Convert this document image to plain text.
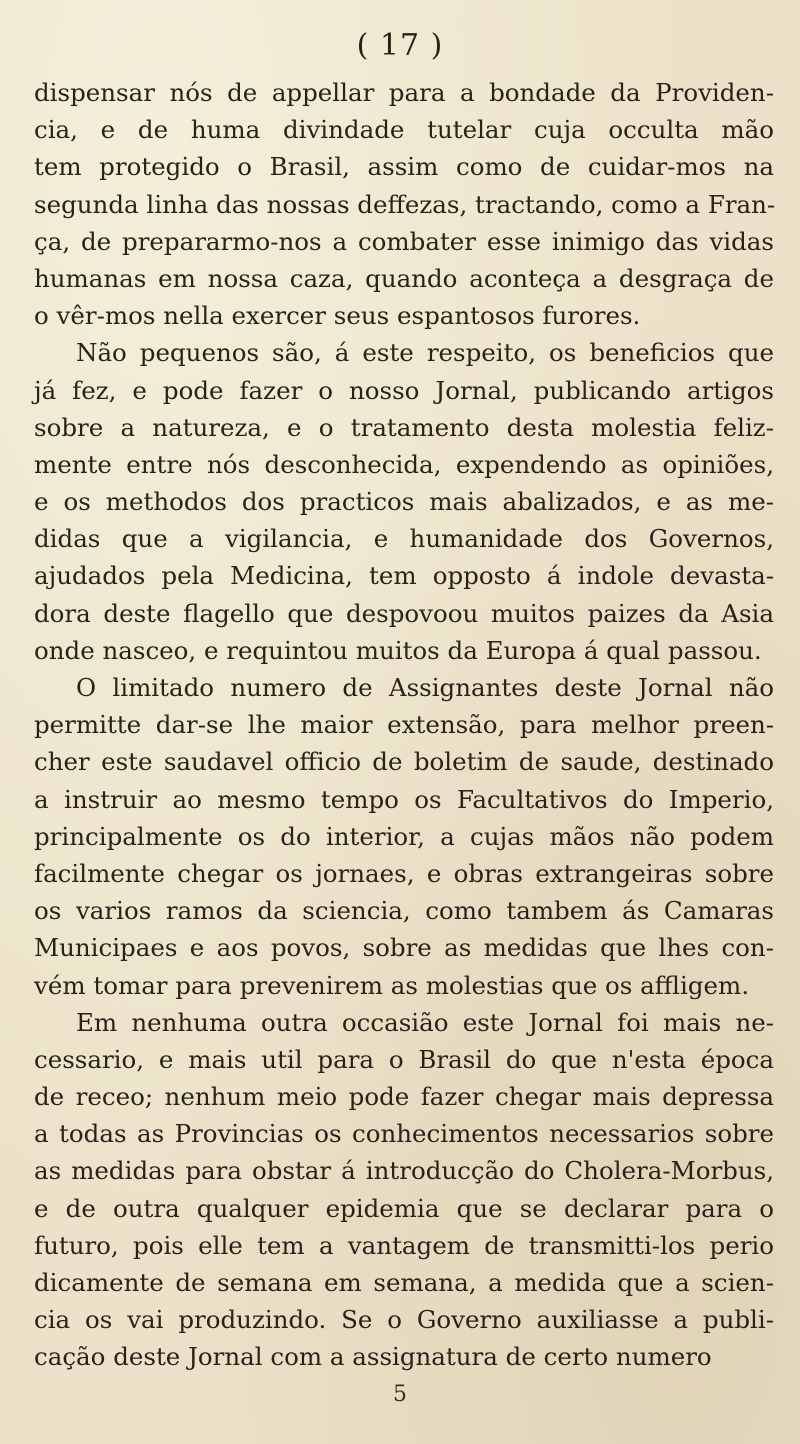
( 17 )
dispensar nós de appellar para a bondade da Providen-
cia, e de huma divindade tutelar cuja occulta mão
tem protegido o Brasil, assim como de cuidar-mos na
segunda linha das nossas deffezas, tractando, como a Fran-
ça, de prepararmo-nos a combater esse inimigo das vidas
humanas em nossa caza, quando aconteça a desgraça de
o vêr-mos nella exercer seus espantosos furores.
Não pequenos são, á este respeito, os beneficios que
já fez, e pode fazer o nosso Jornal, publicando artigos
sobre a natureza, e o tratamento desta molestia feliz-
mente entre nós desconhecida, expendendo as opiniões,
e os methodos dos practicos mais abalizados, e as me-
didas que a vigilancia, e humanidade dos Governos,
ajudados pela Medicina, tem opposto á indole devasta-
dora deste flagello que despovoou muitos paizes da Asia
onde nasceo, e requintou muitos da Europa á qual passou.
O limitado numero de Assignantes deste Jornal não
permitte dar-se lhe maior extensão, para melhor preen-
cher este saudavel officio de boletim de saude, destinado
a instruir ao mesmo tempo os Facultativos do Imperio,
principalmente os do interior, a cujas mãos não podem
facilmente chegar os jornaes, e obras extrangeiras sobre
os varios ramos da sciencia, como tambem ás Camaras
Municipaes e aos povos, sobre as medidas que lhes con-
vém tomar para prevenirem as molestias que os affligem.
Em nenhuma outra occasião este Jornal foi mais ne-
cessario, e mais util para o Brasil do que n'esta época
de receo; nenhum meio pode fazer chegar mais depressa
a todas as Provincias os conhecimentos necessarios sobre
as medidas para obstar á introducção do Cholera-Morbus,
e de outra qualquer epidemia que se declarar para o
futuro, pois elle tem a vantagem de transmitti-los perio
dicamente de semana em semana, a medida que a scien-
cia os vai produzindo. Se o Governo auxiliasse a publi-
cação deste Jornal com a assignatura de certo numero
5
